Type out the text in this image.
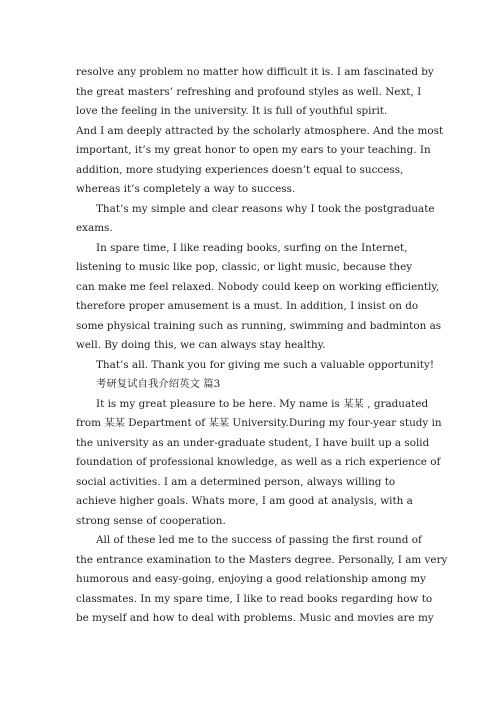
resolve any problem no matter how difficult it is. I am fascinated by
the great masters’ refreshing and profound styles as well. Next, I
love the feeling in the university. It is full of youthful spirit.
And I am deeply attracted by the scholarly atmosphere. And the most
important, it’s my great honor to open my ears to your teaching. In
addition, more studying experiences doesn’t equal to success,
whereas it’s completely a way to success.
That’s my simple and clear reasons why I took the postgraduate
exams.
In spare time, I like reading books, surfing on the Internet,
listening to music like pop, classic, or light music, because they
can make me feel relaxed. Nobody could keep on working efficiently,
therefore proper amusement is a must. In addition, I insist on do
some physical training such as running, swimming and badminton as
well. By doing this, we can always stay healthy.
That’s all. Thank you for giving me such a valuable opportunity!
考研复试自我介绍英文 篇3
It is my great pleasure to be here. My name is 某某 , graduated
from 某某 Department of 某某 University.During my four-year study in
the university as an under-graduate student, I have built up a solid
foundation of professional knowledge, as well as a rich experience of
social activities. I am a determined person, always willing to
achieve higher goals. Whats more, I am good at analysis, with a
strong sense of cooperation.
All of these led me to the success of passing the first round of
the entrance examination to the Masters degree. Personally, I am very
humorous and easy-going, enjoying a good relationship among my
classmates. In my spare time, I like to read books regarding how to
be myself and how to deal with problems. Music and movies are my
